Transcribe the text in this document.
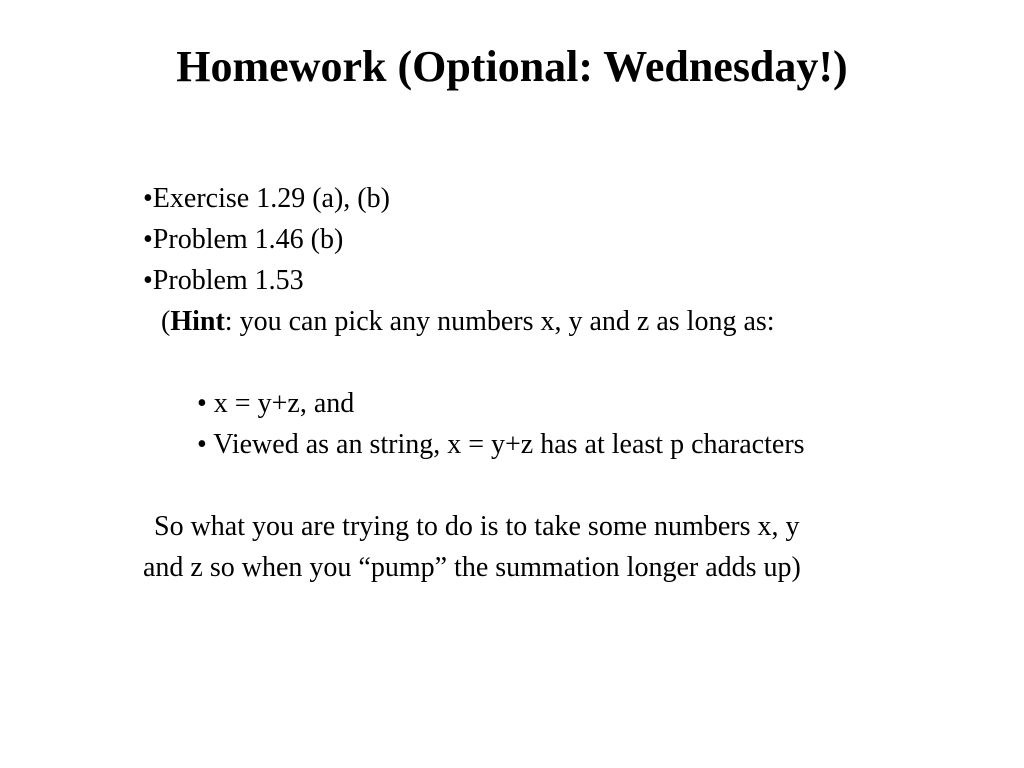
Homework (Optional: Wednesday!)
•Exercise 1.29 (a), (b)
•Problem 1.46 (b)
•Problem 1.53
(Hint: you can pick any numbers x, y and z as long as:
• x = y+z, and
• Viewed as an string, x = y+z has at least p characters
So what you are trying to do is to take some numbers x, y
and z so when you “pump” the summation longer adds up)
